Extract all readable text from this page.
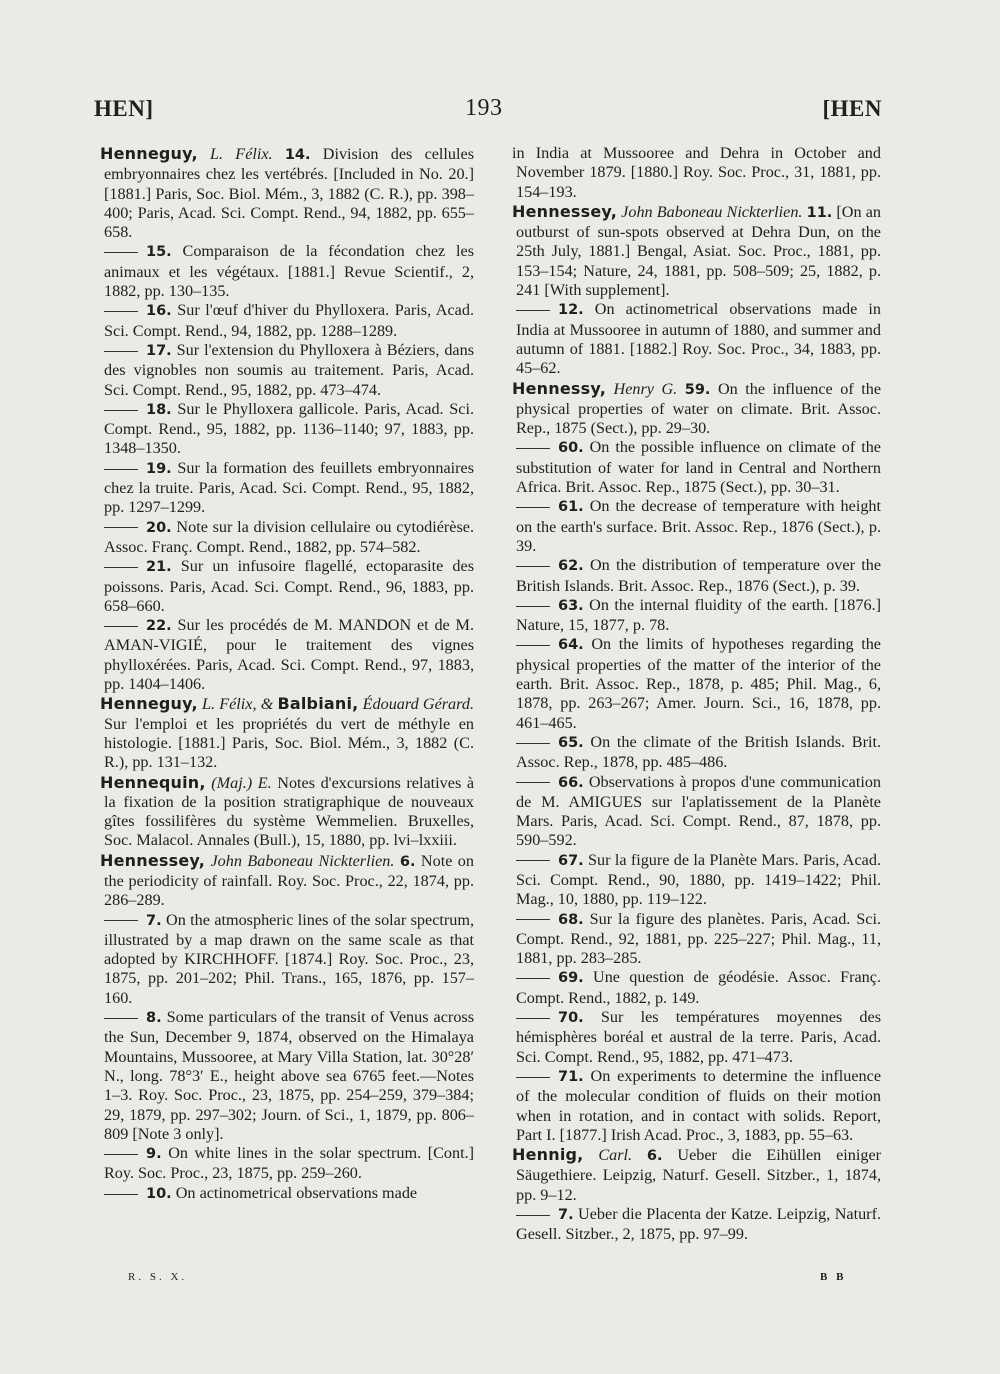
HEN]	193	[HEN

Henneguy, L. Félix. 14. Division des cellules embryonnaires chez les vertébrés. [Included in No. 20.] [1881.] Paris, Soc. Biol. Mém., 3, 1882 (C. R.), pp. 398–400; Paris, Acad. Sci. Compt. Rend., 94, 1882, pp. 655–658.

15. Comparaison de la fécondation chez les animaux et les végétaux. [1881.] Revue Scientif., 2, 1882, pp. 130–135.

16. Sur l'œuf d'hiver du Phylloxera. Paris, Acad. Sci. Compt. Rend., 94, 1882, pp. 1288–1289.

17. Sur l'extension du Phylloxera à Béziers, dans des vignobles non soumis au traitement. Paris, Acad. Sci. Compt. Rend., 95, 1882, pp. 473–474.

18. Sur le Phylloxera gallicole. Paris, Acad. Sci. Compt. Rend., 95, 1882, pp. 1136–1140; 97, 1883, pp. 1348–1350.

19. Sur la formation des feuillets embryonnaires chez la truite. Paris, Acad. Sci. Compt. Rend., 95, 1882, pp. 1297–1299.

20. Note sur la division cellulaire ou cytodiérèse. Assoc. Franç. Compt. Rend., 1882, pp. 574–582.

21. Sur un infusoire flagellé, ectoparasite des poissons. Paris, Acad. Sci. Compt. Rend., 96, 1883, pp. 658–660.

22. Sur les procédés de M. MANDON et de M. AMAN-VIGIÉ, pour le traitement des vignes phylloxérées. Paris, Acad. Sci. Compt. Rend., 97, 1883, pp. 1404–1406.

Henneguy, L. Félix, & Balbiani, Édouard Gérard. Sur l'emploi et les propriétés du vert de méthyle en histologie. [1881.] Paris, Soc. Biol. Mém., 3, 1882 (C. R.), pp. 131–132.

Hennequin, (Maj.) E. Notes d'excursions relatives à la fixation de la position stratigraphique de nouveaux gîtes fossilifères du système Wemmelien. Bruxelles, Soc. Malacol. Annales (Bull.), 15, 1880, pp. lvi–lxxiii.

Hennessey, John Baboneau Nickterlien. 6. Note on the periodicity of rainfall. Roy. Soc. Proc., 22, 1874, pp. 286–289.

7. On the atmospheric lines of the solar spectrum, illustrated by a map drawn on the same scale as that adopted by KIRCHHOFF. [1874.] Roy. Soc. Proc., 23, 1875, pp. 201–202; Phil. Trans., 165, 1876, pp. 157–160.

8. Some particulars of the transit of Venus across the Sun, December 9, 1874, observed on the Himalaya Mountains, Mussooree, at Mary Villa Station, lat. 30°28′ N., long. 78°3′ E., height above sea 6765 feet.—Notes 1–3. Roy. Soc. Proc., 23, 1875, pp. 254–259, 379–384; 29, 1879, pp. 297–302; Journ. of Sci., 1, 1879, pp. 806–809 [Note 3 only].

9. On white lines in the solar spectrum. [Cont.] Roy. Soc. Proc., 23, 1875, pp. 259–260.

10. On actinometrical observations made

in India at Mussooree and Dehra in October and November 1879. [1880.] Roy. Soc. Proc., 31, 1881, pp. 154–193.

Hennessey, John Baboneau Nickterlien. 11. [On an outburst of sun-spots observed at Dehra Dun, on the 25th July, 1881.] Bengal, Asiat. Soc. Proc., 1881, pp. 153–154; Nature, 24, 1881, pp. 508–509; 25, 1882, p. 241 [With supplement].

12. On actinometrical observations made in India at Mussooree in autumn of 1880, and summer and autumn of 1881. [1882.] Roy. Soc. Proc., 34, 1883, pp. 45–62.

Hennessy, Henry G. 59. On the influence of the physical properties of water on climate. Brit. Assoc. Rep., 1875 (Sect.), pp. 29–30.

60. On the possible influence on climate of the substitution of water for land in Central and Northern Africa. Brit. Assoc. Rep., 1875 (Sect.), pp. 30–31.

61. On the decrease of temperature with height on the earth's surface. Brit. Assoc. Rep., 1876 (Sect.), p. 39.

62. On the distribution of temperature over the British Islands. Brit. Assoc. Rep., 1876 (Sect.), p. 39.

63. On the internal fluidity of the earth. [1876.] Nature, 15, 1877, p. 78.

64. On the limits of hypotheses regarding the physical properties of the matter of the interior of the earth. Brit. Assoc. Rep., 1878, p. 485; Phil. Mag., 6, 1878, pp. 263–267; Amer. Journ. Sci., 16, 1878, pp. 461–465.

65. On the climate of the British Islands. Brit. Assoc. Rep., 1878, pp. 485–486.

66. Observations à propos d'une communication de M. AMIGUES sur l'aplatissement de la Planète Mars. Paris, Acad. Sci. Compt. Rend., 87, 1878, pp. 590–592.

67. Sur la figure de la Planète Mars. Paris, Acad. Sci. Compt. Rend., 90, 1880, pp. 1419–1422; Phil. Mag., 10, 1880, pp. 119–122.

68. Sur la figure des planètes. Paris, Acad. Sci. Compt. Rend., 92, 1881, pp. 225–227; Phil. Mag., 11, 1881, pp. 283–285.

69. Une question de géodésie. Assoc. Franç. Compt. Rend., 1882, p. 149.

70. Sur les températures moyennes des hémisphères boréal et austral de la terre. Paris, Acad. Sci. Compt. Rend., 95, 1882, pp. 471–473.

71. On experiments to determine the influence of the molecular condition of fluids on their motion when in rotation, and in contact with solids. Report, Part I. [1877.] Irish Acad. Proc., 3, 1883, pp. 55–63.

Hennig, Carl. 6. Ueber die Eihüllen einiger Säugethiere. Leipzig, Naturf. Gesell. Sitzber., 1, 1874, pp. 9–12.

7. Ueber die Placenta der Katze. Leipzig, Naturf. Gesell. Sitzber., 2, 1875, pp. 97–99.

R. S. X.	B B
